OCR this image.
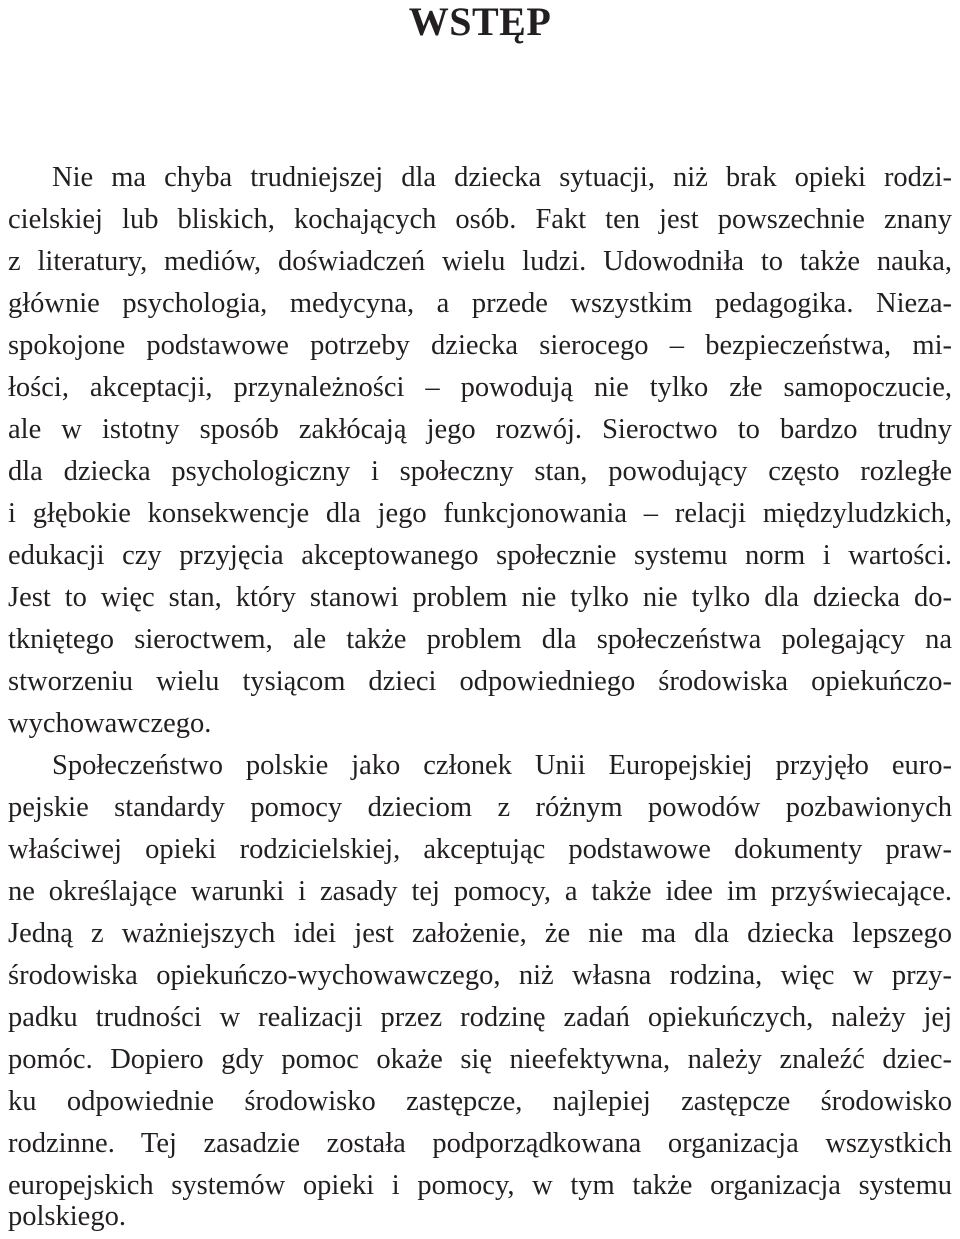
WSTĘP
Nie ma chyba trudniejszej dla dziecka sytuacji, niż brak opieki rodzi-
cielskiej lub bliskich, kochających osób. Fakt ten jest powszechnie znany
z literatury, mediów, doświadczeń wielu ludzi. Udowodniła to także nauka,
głównie psychologia, medycyna, a przede wszystkim pedagogika. Nieza-
spokojone podstawowe potrzeby dziecka sierocego – bezpieczeństwa, mi-
łości, akceptacji, przynależności – powodują nie tylko złe samopoczucie,
ale w istotny sposób zakłócają jego rozwój. Sieroctwo to bardzo trudny
dla dziecka psychologiczny i społeczny stan, powodujący często rozległe
i głębokie konsekwencje dla jego funkcjonowania – relacji międzyludzkich,
edukacji czy przyjęcia akceptowanego społecznie systemu norm i wartości.
Jest to więc stan, który stanowi problem nie tylko nie tylko dla dziecka do-
tkniętego sieroctwem, ale także problem dla społeczeństwa polegający na
stworzeniu wielu tysiącom dzieci odpowiedniego środowiska opiekuńczo-
wychowawczego.
Społeczeństwo polskie jako członek Unii Europejskiej przyjęło euro-
pejskie standardy pomocy dzieciom z różnym powodów pozbawionych
właściwej opieki rodzicielskiej, akceptując podstawowe dokumenty praw-
ne określające warunki i zasady tej pomocy, a także idee im przyświecające.
Jedną z ważniejszych idei jest założenie, że nie ma dla dziecka lepszego
środowiska opiekuńczo-wychowawczego, niż własna rodzina, więc w przy-
padku trudności w realizacji przez rodzinę zadań opiekuńczych, należy jej
pomóc. Dopiero gdy pomoc okaże się nieefektywna, należy znaleźć dziec-
ku odpowiednie środowisko zastępcze, najlepiej zastępcze środowisko
rodzinne. Tej zasadzie została podporządkowana organizacja wszystkich
europejskich systemów opieki i pomocy, w tym także organizacja systemu
polskiego.
